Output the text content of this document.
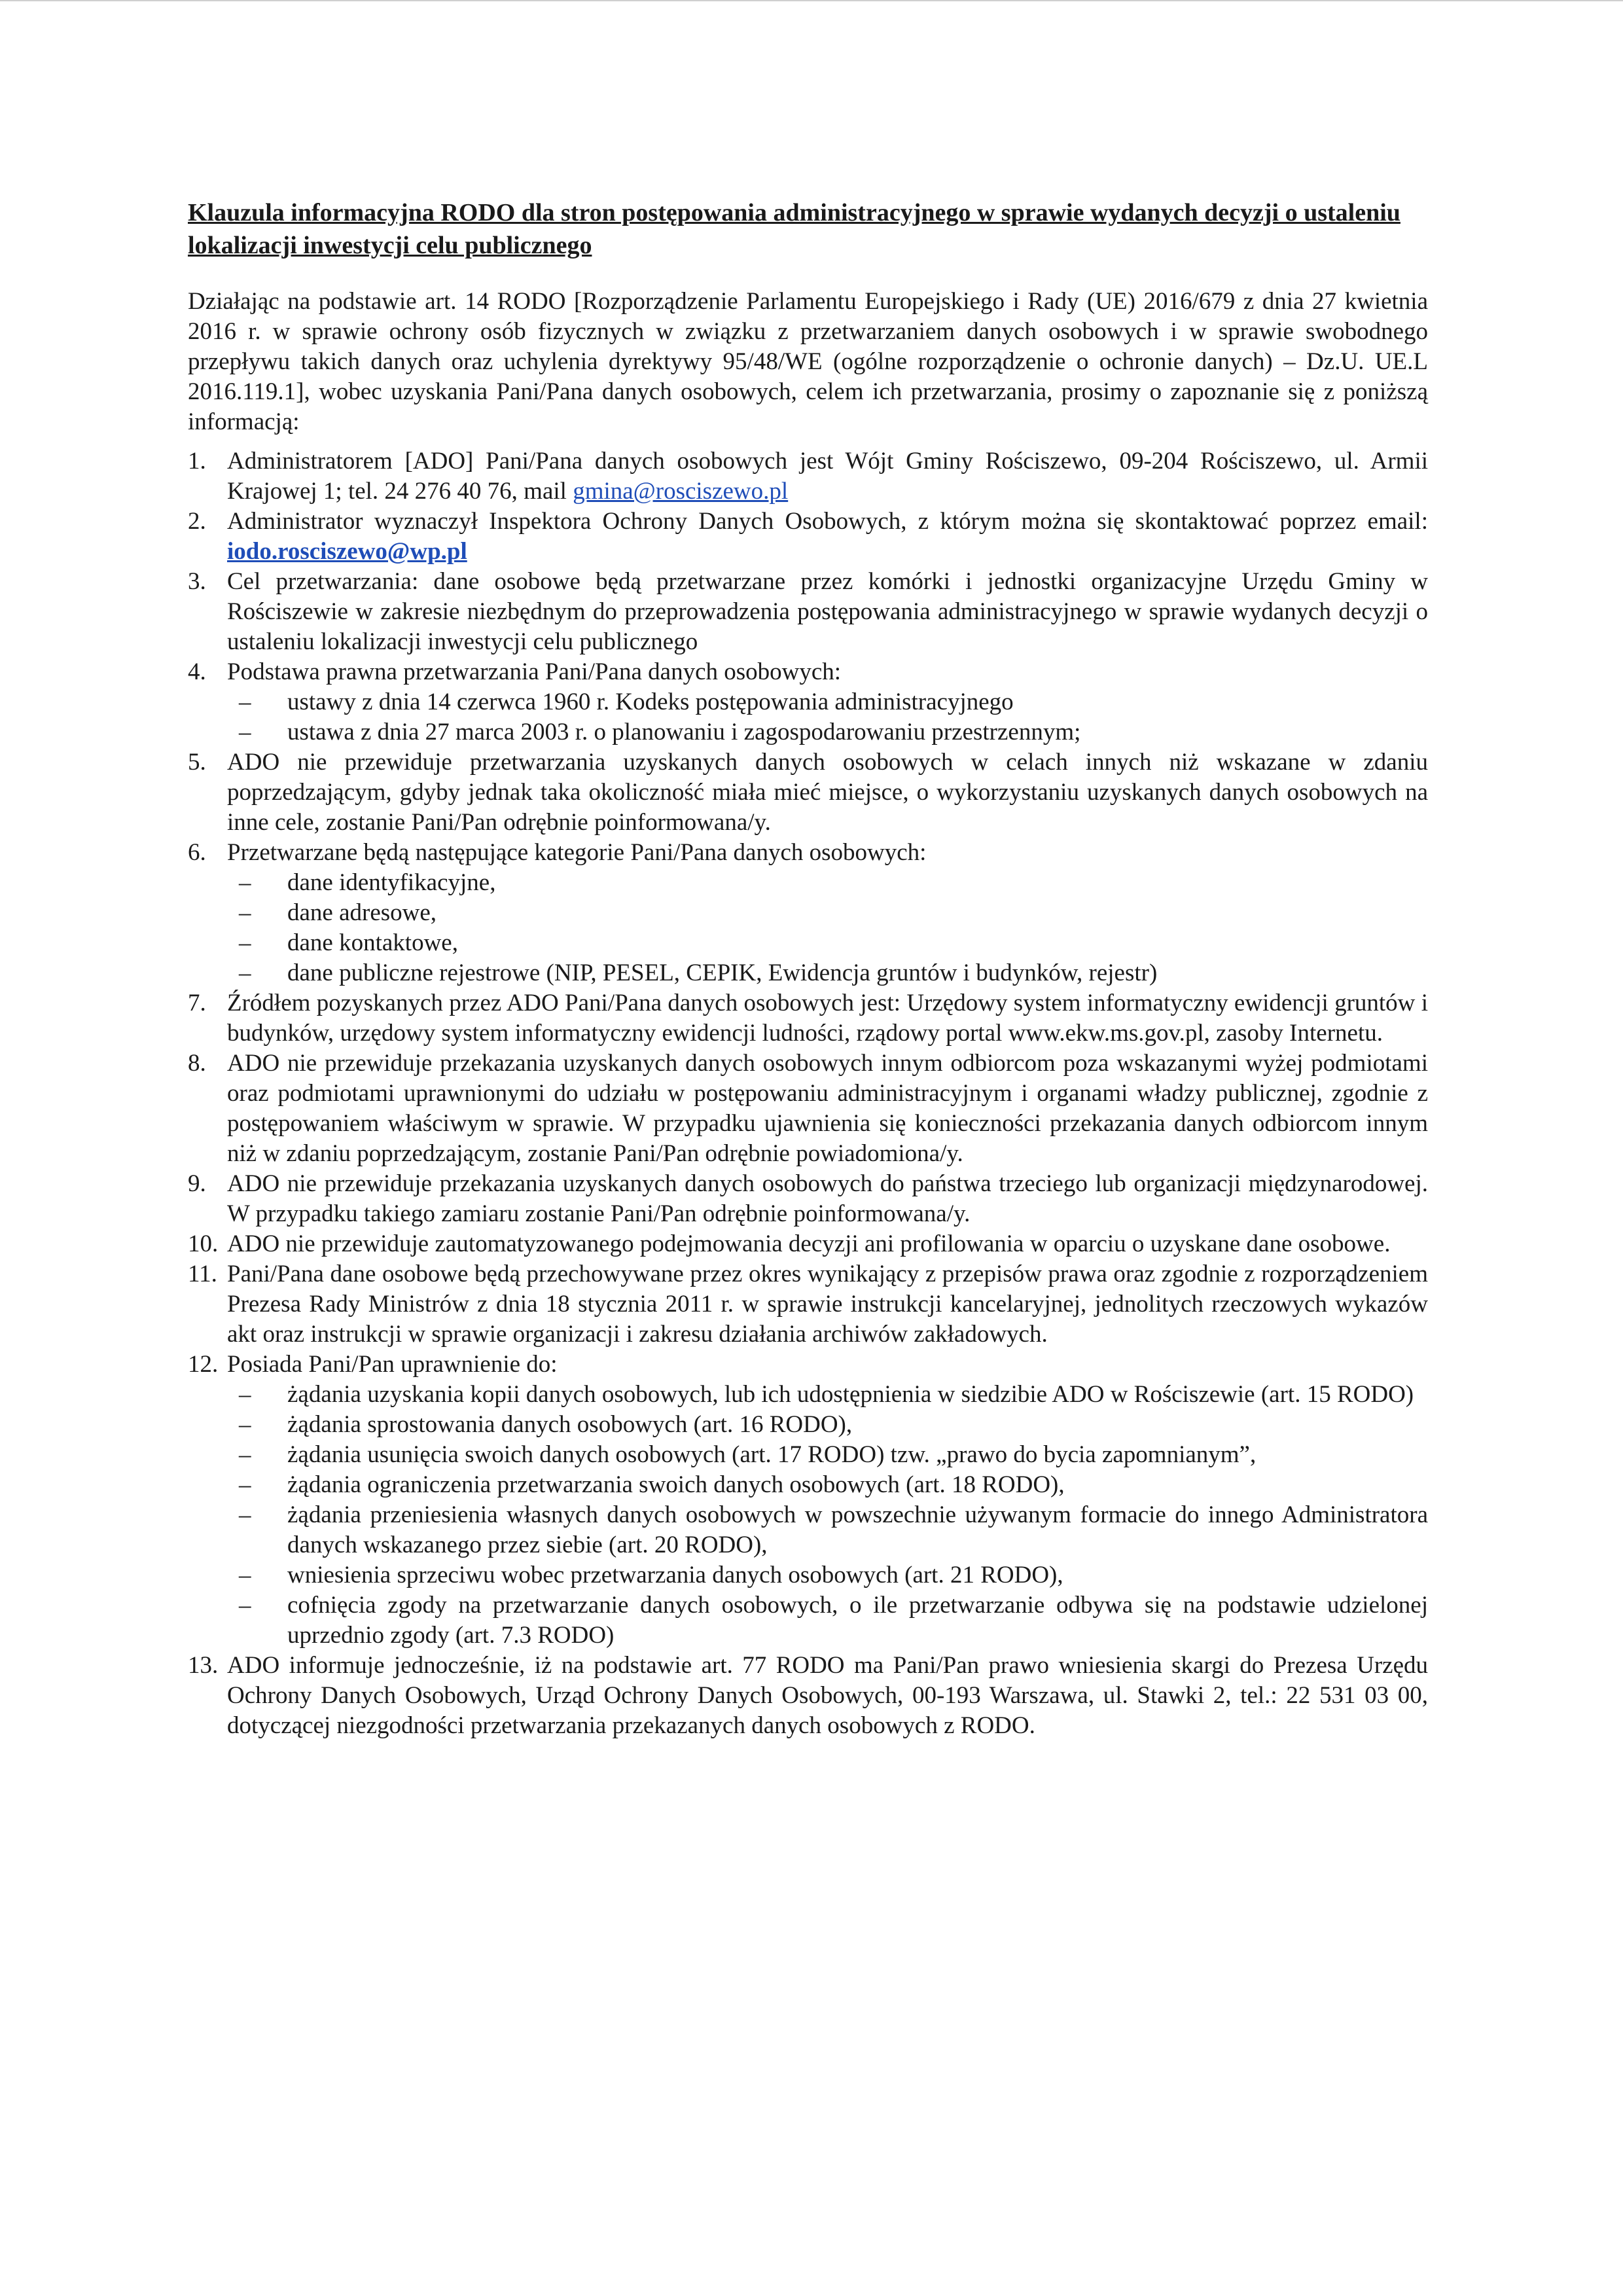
Klauzula informacyjna RODO dla stron postępowania administracyjnego w sprawie wydanych decyzji o ustaleniu lokalizacji inwestycji celu publicznego
Działając na podstawie art. 14 RODO [Rozporządzenie Parlamentu Europejskiego i Rady (UE) 2016/679 z dnia 27 kwietnia 2016 r. w sprawie ochrony osób fizycznych w związku z przetwarzaniem danych osobowych i w sprawie swobodnego przepływu takich danych oraz uchylenia dyrektywy 95/48/WE (ogólne rozporządzenie o ochronie danych) – Dz.U. UE.L 2016.119.1], wobec uzyskania Pani/Pana danych osobowych, celem ich przetwarzania, prosimy o zapoznanie się z poniższą informacją:
1. Administratorem [ADO] Pani/Pana danych osobowych jest Wójt Gminy Rościszewo, 09-204 Rościszewo, ul. Armii Krajowej 1; tel. 24 276 40 76, mail gmina@rosciszewo.pl
2. Administrator wyznaczył Inspektora Ochrony Danych Osobowych, z którym można się skontaktować poprzez email: iodo.rosciszewo@wp.pl
3. Cel przetwarzania: dane osobowe będą przetwarzane przez komórki i jednostki organizacyjne Urzędu Gminy w Rościszewie w zakresie niezbędnym do przeprowadzenia postępowania administracyjnego w sprawie wydanych decyzji o ustaleniu lokalizacji inwestycji celu publicznego
4. Podstawa prawna przetwarzania Pani/Pana danych osobowych:
– ustawy z dnia 14 czerwca 1960 r. Kodeks postępowania administracyjnego
– ustawa z dnia 27 marca 2003 r. o planowaniu i zagospodarowaniu przestrzennym;
5. ADO nie przewiduje przetwarzania uzyskanych danych osobowych w celach innych niż wskazane w zdaniu poprzedzającym, gdyby jednak taka okoliczność miała mieć miejsce, o wykorzystaniu uzyskanych danych osobowych na inne cele, zostanie Pani/Pan odrębnie poinformowana/y.
6. Przetwarzane będą następujące kategorie Pani/Pana danych osobowych:
– dane identyfikacyjne,
– dane adresowe,
– dane kontaktowe,
– dane publiczne rejestrowe (NIP, PESEL, CEPIK, Ewidencja gruntów i budynków, rejestr)
7. Źródłem pozyskanych przez ADO Pani/Pana danych osobowych jest: Urzędowy system informatyczny ewidencji gruntów i budynków, urzędowy system informatyczny ewidencji ludności, rządowy portal www.ekw.ms.gov.pl, zasoby Internetu.
8. ADO nie przewiduje przekazania uzyskanych danych osobowych innym odbiorcom poza wskazanymi wyżej podmiotami oraz podmiotami uprawnionymi do udziału w postępowaniu administracyjnym i organami władzy publicznej, zgodnie z postępowaniem właściwym w sprawie. W przypadku ujawnienia się konieczności przekazania danych odbiorcom innym niż w zdaniu poprzedzającym, zostanie Pani/Pan odrębnie powiadomiona/y.
9. ADO nie przewiduje przekazania uzyskanych danych osobowych do państwa trzeciego lub organizacji międzynarodowej. W przypadku takiego zamiaru zostanie Pani/Pan odrębnie poinformowana/y.
10. ADO nie przewiduje zautomatyzowanego podejmowania decyzji ani profilowania w oparciu o uzyskane dane osobowe.
11. Pani/Pana dane osobowe będą przechowywane przez okres wynikający z przepisów prawa oraz zgodnie z rozporządzeniem Prezesa Rady Ministrów z dnia 18 stycznia 2011 r. w sprawie instrukcji kancelaryjnej, jednolitych rzeczowych wykazów akt oraz instrukcji w sprawie organizacji i zakresu działania archiwów zakładowych.
12. Posiada Pani/Pan uprawnienie do:
– żądania uzyskania kopii danych osobowych, lub ich udostępnienia w siedzibie ADO w Rościszewie (art. 15 RODO)
– żądania sprostowania danych osobowych (art. 16 RODO),
– żądania usunięcia swoich danych osobowych (art. 17 RODO) tzw. „prawo do bycia zapomnianym”,
– żądania ograniczenia przetwarzania swoich danych osobowych (art. 18 RODO),
– żądania przeniesienia własnych danych osobowych w powszechnie używanym formacie do innego Administratora danych wskazanego przez siebie (art. 20 RODO),
– wniesienia sprzeciwu wobec przetwarzania danych osobowych (art. 21 RODO),
– cofnięcia zgody na przetwarzanie danych osobowych, o ile przetwarzanie odbywa się na podstawie udzielonej uprzednio zgody (art. 7.3 RODO)
13. ADO informuje jednocześnie, iż na podstawie art. 77 RODO ma Pani/Pan prawo wniesienia skargi do Prezesa Urzędu Ochrony Danych Osobowych, Urząd Ochrony Danych Osobowych, 00-193 Warszawa, ul. Stawki 2, tel.: 22 531 03 00, dotyczącej niezgodności przetwarzania przekazanych danych osobowych z RODO.
